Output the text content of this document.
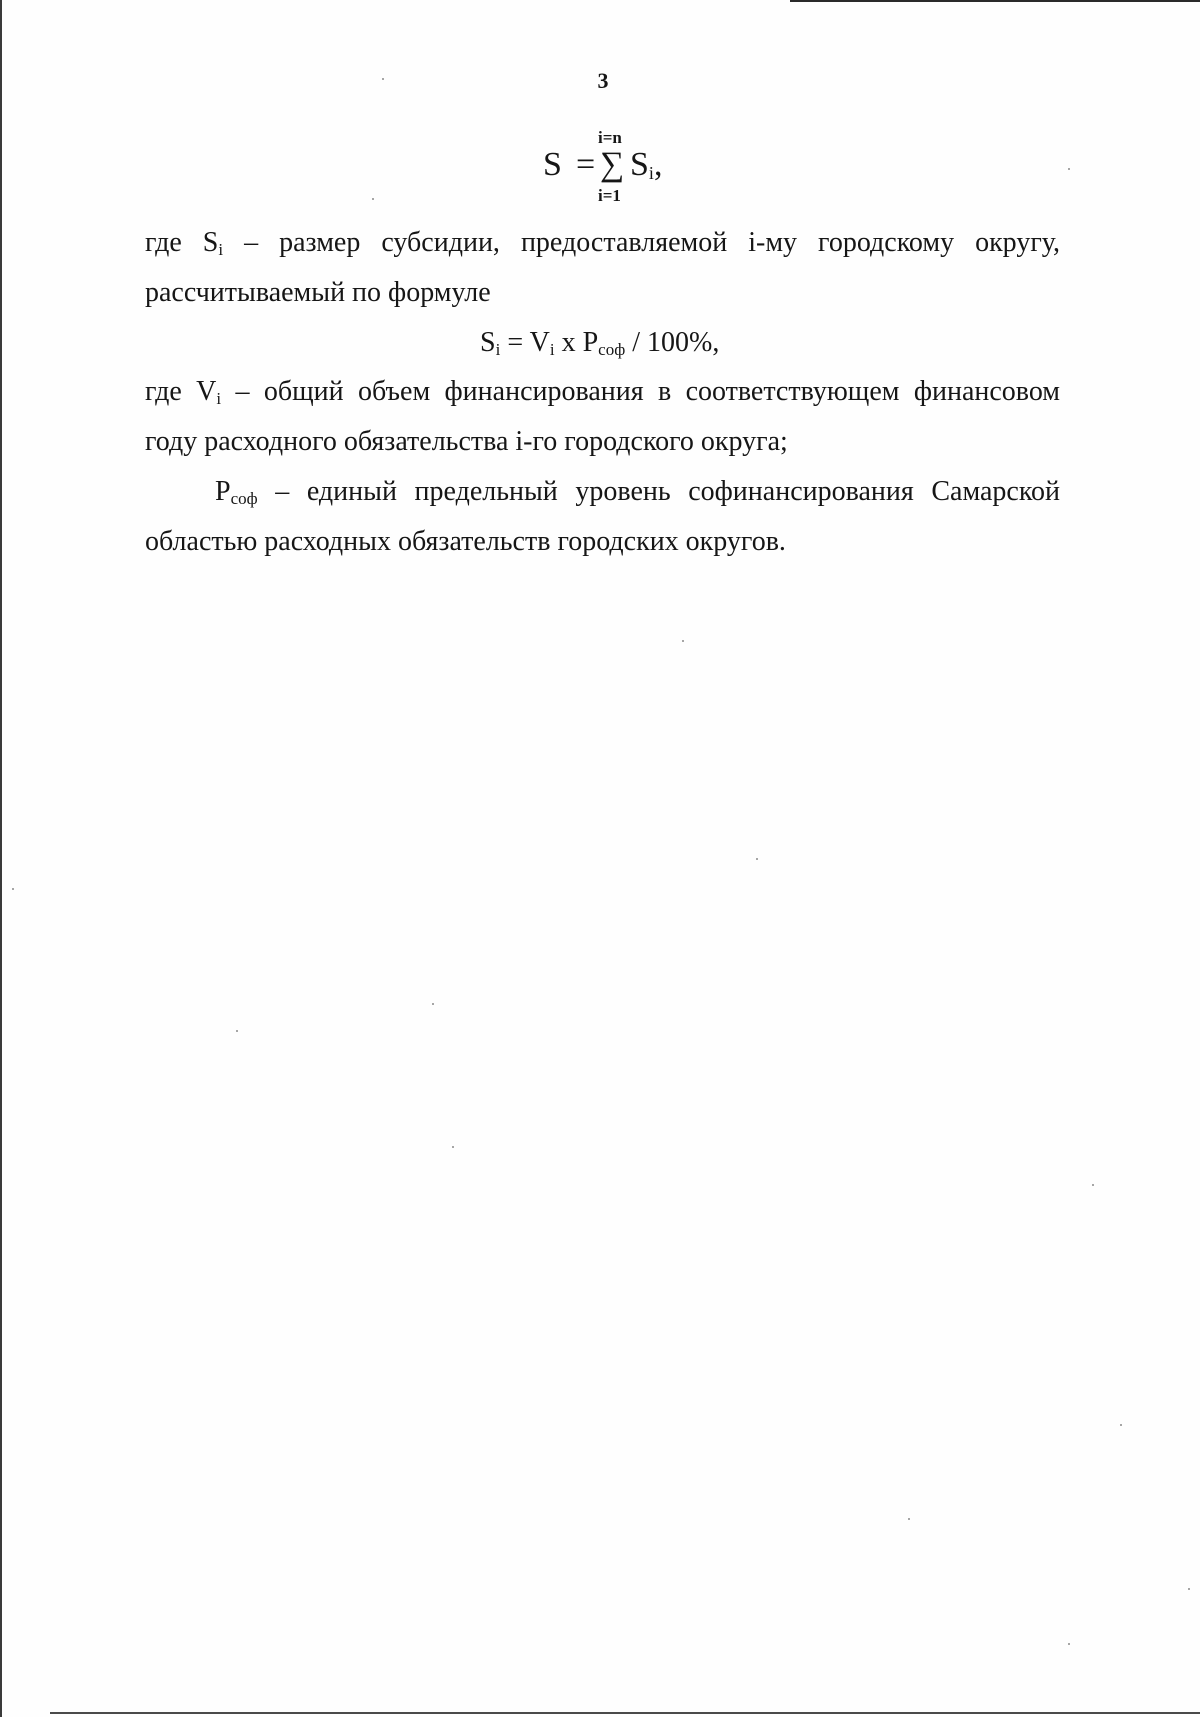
3
S =
i=n
∑
i=1
$S_i$,
где $S_i$ – размер субсидии, предоставляемой i-му городскому округу,
рассчитываемый по формуле
$S_i = V_i$ x $P_{соф} / 100\%$,
где $V_i$ – общий объем финансирования в соответствующем финансовом
году расходного обязательства i-го городского округа;
$P_{соф}$ – единый предельный уровень софинансирования Самарской
областью расходных обязательств городских округов.
